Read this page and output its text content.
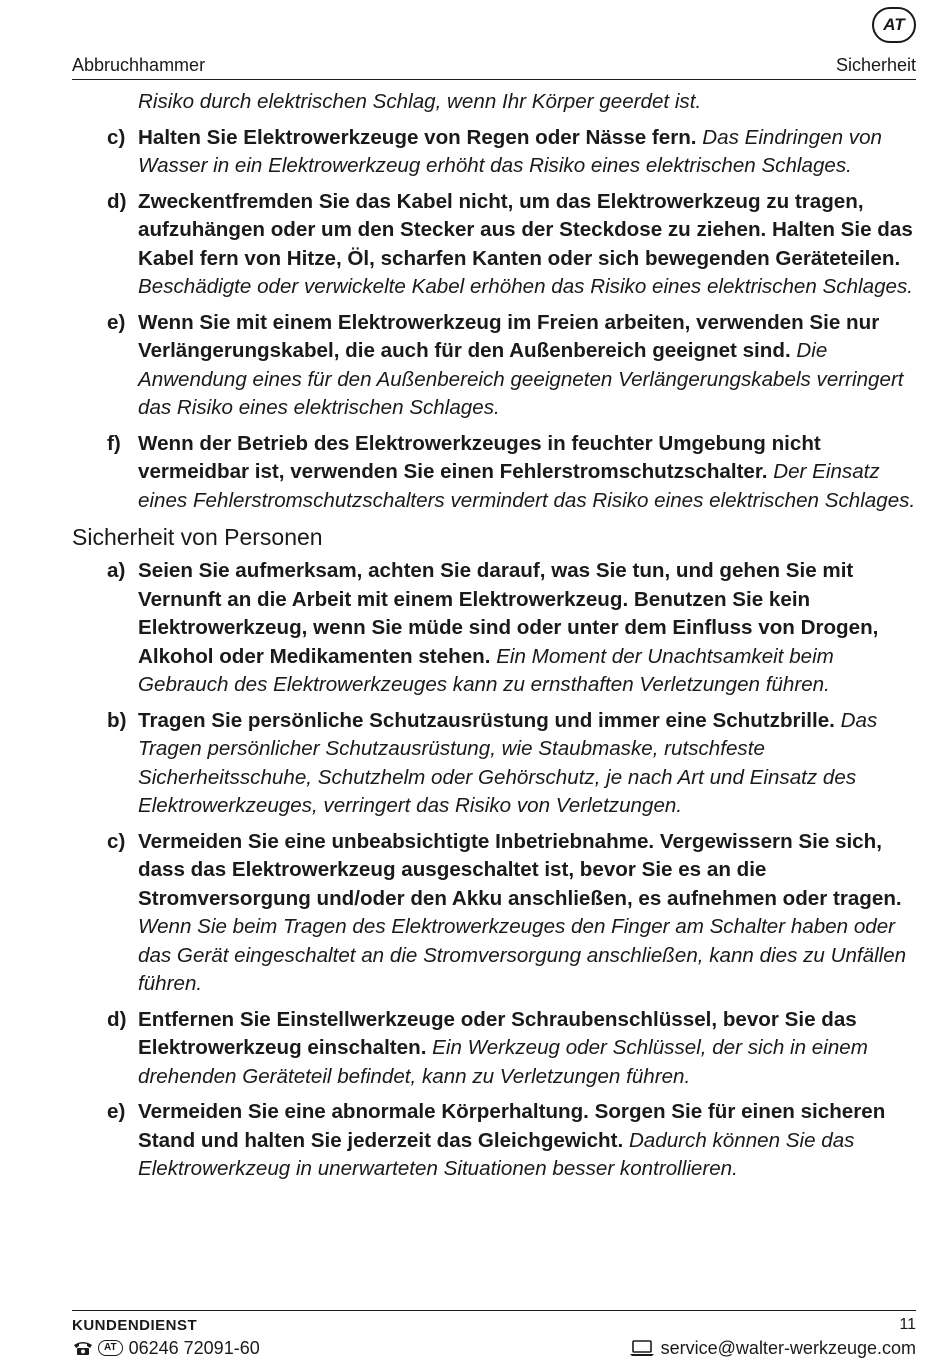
AT
Abbruchhammer	Sicherheit
Risiko durch elektrischen Schlag, wenn Ihr Körper geerdet ist.
c) Halten Sie Elektrowerkzeuge von Regen oder Nässe fern. Das Eindringen von Wasser in ein Elektrowerkzeug erhöht das Risiko eines elektrischen Schlages.
d) Zweckentfremden Sie das Kabel nicht, um das Elektrowerkzeug zu tragen, aufzuhängen oder um den Stecker aus der Steckdose zu ziehen. Halten Sie das Kabel fern von Hitze, Öl, scharfen Kanten oder sich bewegenden Geräteteilen. Beschädigte oder verwickelte Kabel erhöhen das Risiko eines elektrischen Schlages.
e) Wenn Sie mit einem Elektrowerkzeug im Freien arbeiten, verwenden Sie nur Verlängerungskabel, die auch für den Außenbereich geeignet sind. Die Anwendung eines für den Außenbereich geeigneten Verlängerungskabels verringert das Risiko eines elektrischen Schlages.
f) Wenn der Betrieb des Elektrowerkzeuges in feuchter Umgebung nicht vermeidbar ist, verwenden Sie einen Fehlerstromschutzschalter. Der Einsatz eines Fehlerstromschutzschalters vermindert das Risiko eines elektrischen Schlages.
Sicherheit von Personen
a) Seien Sie aufmerksam, achten Sie darauf, was Sie tun, und gehen Sie mit Vernunft an die Arbeit mit einem Elektrowerkzeug. Benutzen Sie kein Elektrowerkzeug, wenn Sie müde sind oder unter dem Einfluss von Drogen, Alkohol oder Medikamenten stehen. Ein Moment der Unachtsamkeit beim Gebrauch des Elektrowerkzeuges kann zu ernsthaften Verletzungen führen.
b) Tragen Sie persönliche Schutzausrüstung und immer eine Schutzbrille. Das Tragen persönlicher Schutzausrüstung, wie Staubmaske, rutschfeste Sicherheitsschuhe, Schutzhelm oder Gehörschutz, je nach Art und Einsatz des Elektrowerkzeuges, verringert das Risiko von Verletzungen.
c) Vermeiden Sie eine unbeabsichtigte Inbetriebnahme. Vergewissern Sie sich, dass das Elektrowerkzeug ausgeschaltet ist, bevor Sie es an die Stromversorgung und/oder den Akku anschließen, es aufnehmen oder tragen. Wenn Sie beim Tragen des Elektrowerkzeuges den Finger am Schalter haben oder das Gerät eingeschaltet an die Stromversorgung anschließen, kann dies zu Unfällen führen.
d) Entfernen Sie Einstellwerkzeuge oder Schraubenschlüssel, bevor Sie das Elektrowerkzeug einschalten. Ein Werkzeug oder Schlüssel, der sich in einem drehenden Geräteteil befindet, kann zu Verletzungen führen.
e) Vermeiden Sie eine abnormale Körperhaltung. Sorgen Sie für einen sicheren Stand und halten Sie jederzeit das Gleichgewicht. Dadurch können Sie das Elektrowerkzeug in unerwarteten Situationen besser kontrollieren.
KUNDENDIENST	11
AT 06246 72091-60	service@walter-werkzeuge.com
